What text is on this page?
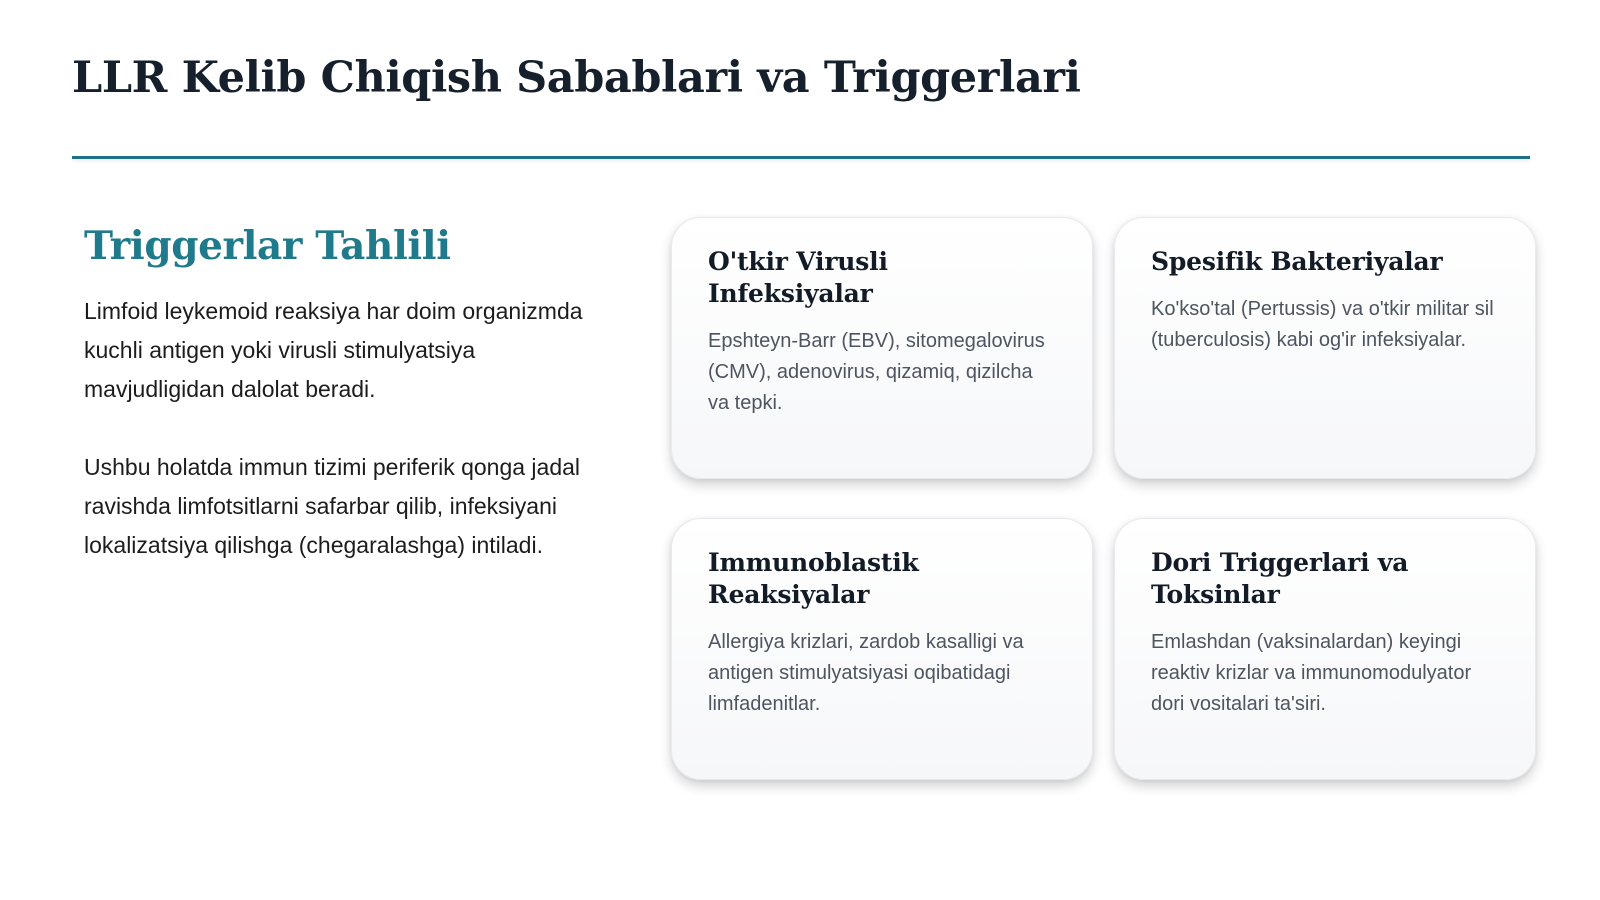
LLR Kelib Chiqish Sabablari va Triggerlari
Triggerlar Tahlili

Limfoid leykemoid reaksiya har doim organizmda kuchli antigen yoki virusli stimulyatsiya mavjudligidan dalolat beradi.

Ushbu holatda immun tizimi periferik qonga jadal ravishda limfotsitlarni safarbar qilib, infeksiyani lokalizatsiya qilishga (chegaralashga) intiladi.

O'tkir Virusli Infeksiyalar

Epshteyn-Barr (EBV), sitomegalovirus (CMV), adenovirus, qizamiq, qizilcha va tepki.

Spesifik Bakteriyalar

Ko'kso'tal (Pertussis) va o'tkir militar sil (tuberculosis) kabi og'ir infeksiyalar.

Immunoblastik Reaksiyalar

Allergiya krizlari, zardob kasalligi va antigen stimulyatsiyasi oqibatidagi limfadenitlar.

Dori Triggerlari va Toksinlar

Emlashdan (vaksinalardan) keyingi reaktiv krizlar va immunomodulyator dori vositalari ta'siri.
